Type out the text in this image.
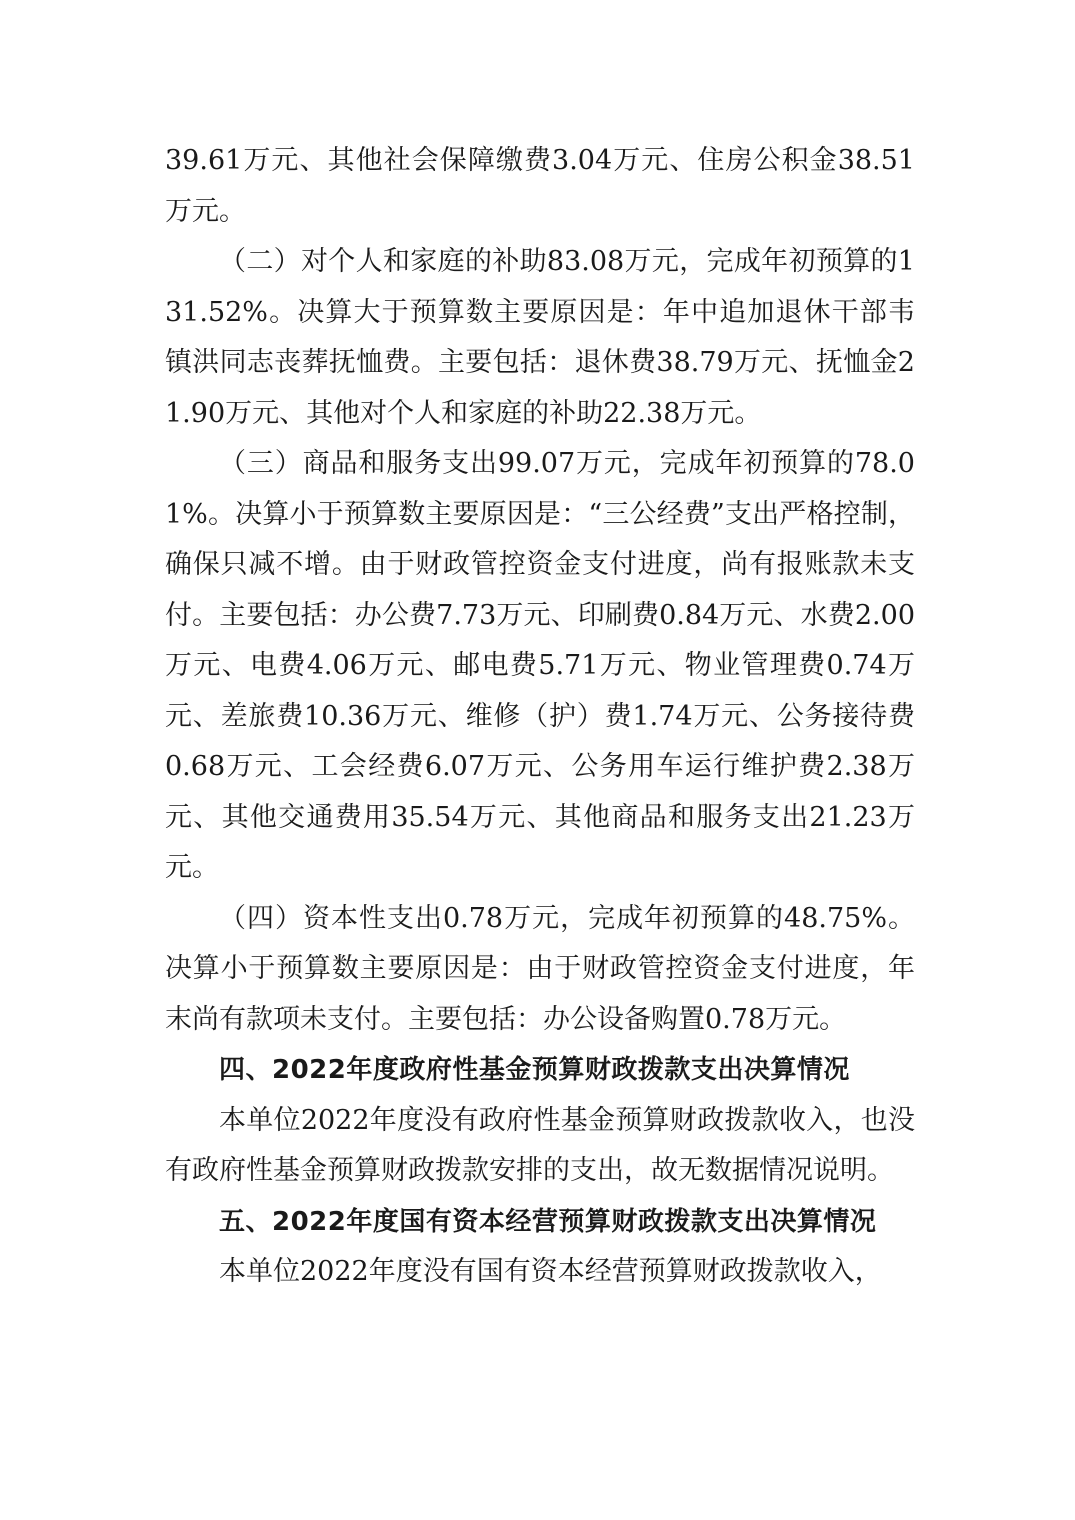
39.61万元、其他社会保障缴费3.04万元、住房公积金38.51万元。

（二）对个人和家庭的补助83.08万元，完成年初预算的131.52%。决算大于预算数主要原因是：年中追加退休干部韦镇洪同志丧葬抚恤费。主要包括：退休费38.79万元、抚恤金21.90万元、其他对个人和家庭的补助22.38万元。

（三）商品和服务支出99.07万元，完成年初预算的78.01%。决算小于预算数主要原因是：“三公经费”支出严格控制，确保只减不增。由于财政管控资金支付进度，尚有报账款未支付。主要包括：办公费7.73万元、印刷费0.84万元、水费2.00万元、电费4.06万元、邮电费5.71万元、物业管理费0.74万元、差旅费10.36万元、维修（护）费1.74万元、公务接待费0.68万元、工会经费6.07万元、公务用车运行维护费2.38万元、其他交通费用35.54万元、其他商品和服务支出21.23万元。

（四）资本性支出0.78万元，完成年初预算的48.75%。决算小于预算数主要原因是：由于财政管控资金支付进度，年末尚有款项未支付。主要包括：办公设备购置0.78万元。

四、2022年度政府性基金预算财政拨款支出决算情况

本单位2022年度没有政府性基金预算财政拨款收入，也没有政府性基金预算财政拨款安排的支出，故无数据情况说明。

五、2022年度国有资本经营预算财政拨款支出决算情况

本单位2022年度没有国有资本经营预算财政拨款收入，
